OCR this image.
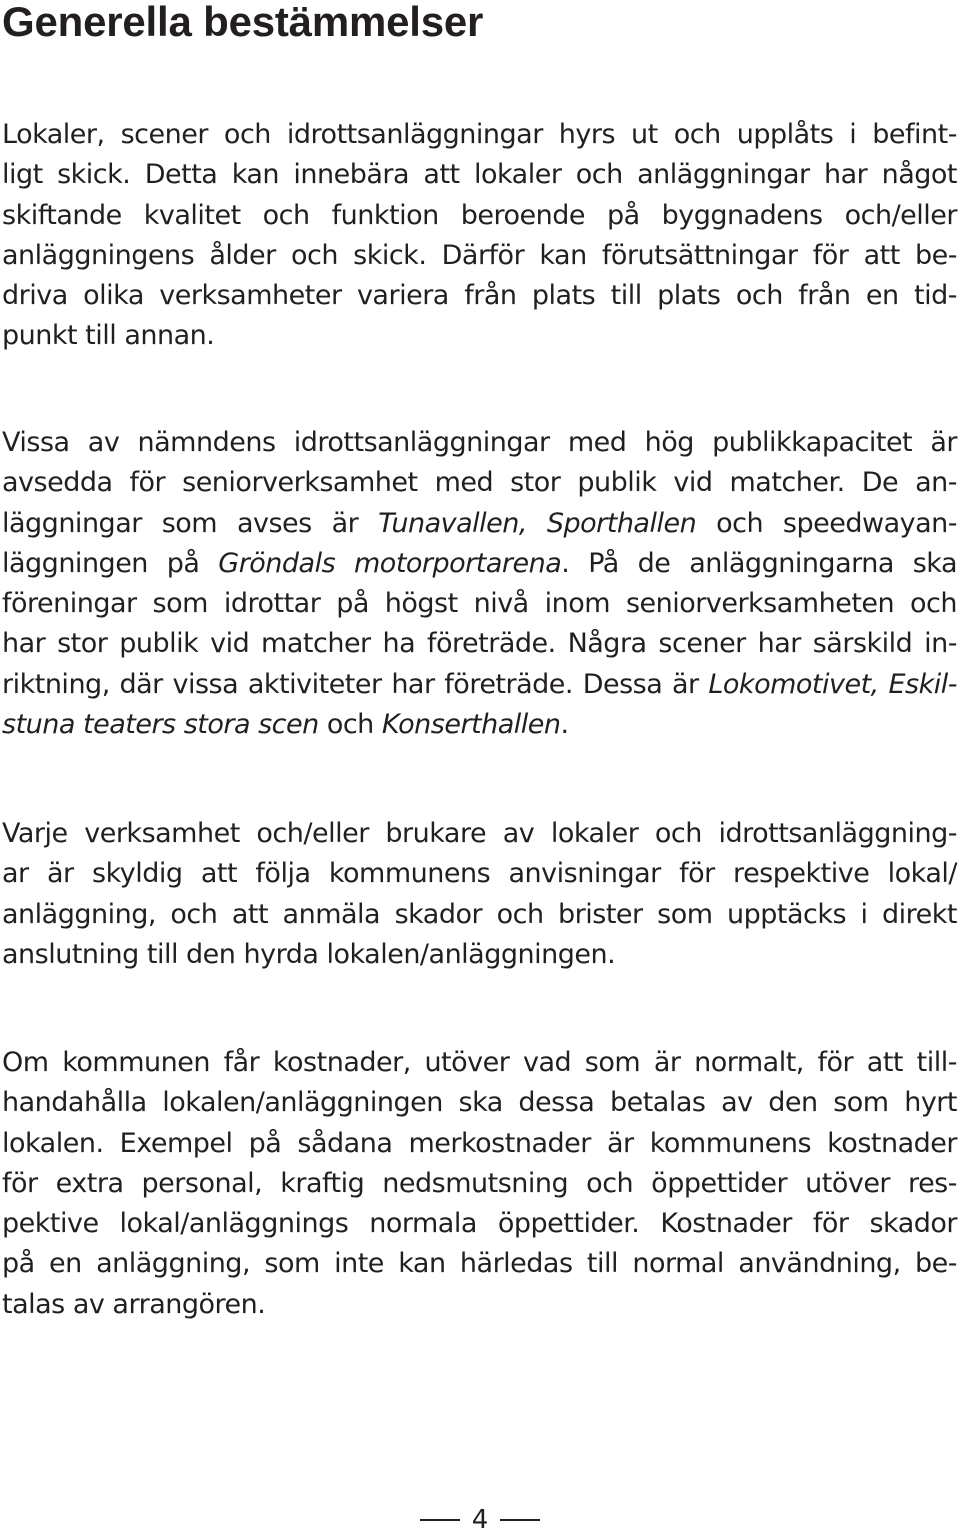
Generella bestämmelser

Lokaler, scener och idrottsanläggningar hyrs ut och upplåts i befint-
ligt skick. Detta kan innebära att lokaler och anläggningar har något
skiftande kvalitet och funktion beroende på byggnadens och/eller
anläggningens ålder och skick. Därför kan förutsättningar för att be-
driva olika verksamheter variera från plats till plats och från en tid-
punkt till annan.

Vissa av nämndens idrottsanläggningar med hög publikkapacitet är
avsedda för seniorverksamhet med stor publik vid matcher. De an-
läggningar som avses är Tunavallen, Sporthallen och speedwayan-
läggningen på Gröndals motorportarena. På de anläggningarna ska
föreningar som idrottar på högst nivå inom seniorverksamheten och
har stor publik vid matcher ha företräde. Några scener har särskild in-
riktning, där vissa aktiviteter har företräde. Dessa är Lokomotivet, Eskil-
stuna teaters stora scen och Konserthallen.

Varje verksamhet och/eller brukare av lokaler och idrottsanläggning-
ar är skyldig att följa kommunens anvisningar för respektive lokal/
anläggning, och att anmäla skador och brister som upptäcks i direkt
anslutning till den hyrda lokalen/anläggningen.

Om kommunen får kostnader, utöver vad som är normalt, för att till-
handahålla lokalen/anläggningen ska dessa betalas av den som hyrt
lokalen. Exempel på sådana merkostnader är kommunens kostnader
för extra personal, kraftig nedsmutsning och öppettider utöver res-
pektive lokal/anläggnings normala öppettider. Kostnader för skador
på en anläggning, som inte kan härledas till normal användning, be-
talas av arrangören.

4
